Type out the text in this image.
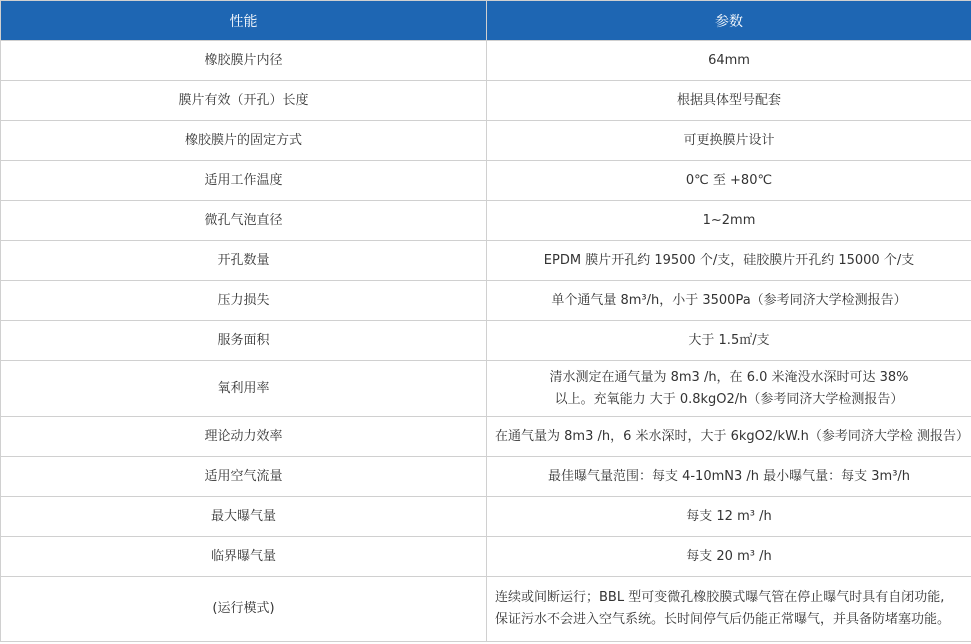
性能	参数
橡胶膜片内径	64mm

膜片有效（开孔）长度	根据具体型号配套

橡胶膜片的固定方式	可更换膜片设计

适用工作温度	0℃ 至 +80℃

微孔气泡直径	1~2mm

开孔数量	EPDM 膜片开孔约 19500 个/支，硅胶膜片开孔约 15000 个/支

压力损失	单个通气量 8m³/h，小于 3500Pa（参考同济大学检测报告）

服务面积	大于 1.5㎡/支

氧利用率	清水测定在通气量为 8m3 /h，在 6.0 米淹没水深时可达 38%
以上。充氧能力 大于 0.8kgO2/h（参考同济大学检测报告）

理论动力效率	在通气量为 8m3 /h，6 米水深时，大于 6kgO2/kW.h（参考同济大学检 测报告）

适用空气流量	最佳曝气量范围：每支 4-10mN3 /h 最小曝气量：每支 3m³/h

最大曝气量	每支 12 m³ /h

临界曝气量	每支 20 m³ /h

(运行模式)	连续或间断运行；BBL 型可变微孔橡胶膜式曝气管在停止曝气时具有自闭功能,
保证污水不会进入空气系统。长时间停气后仍能正常曝气，并具备防堵塞功能。
